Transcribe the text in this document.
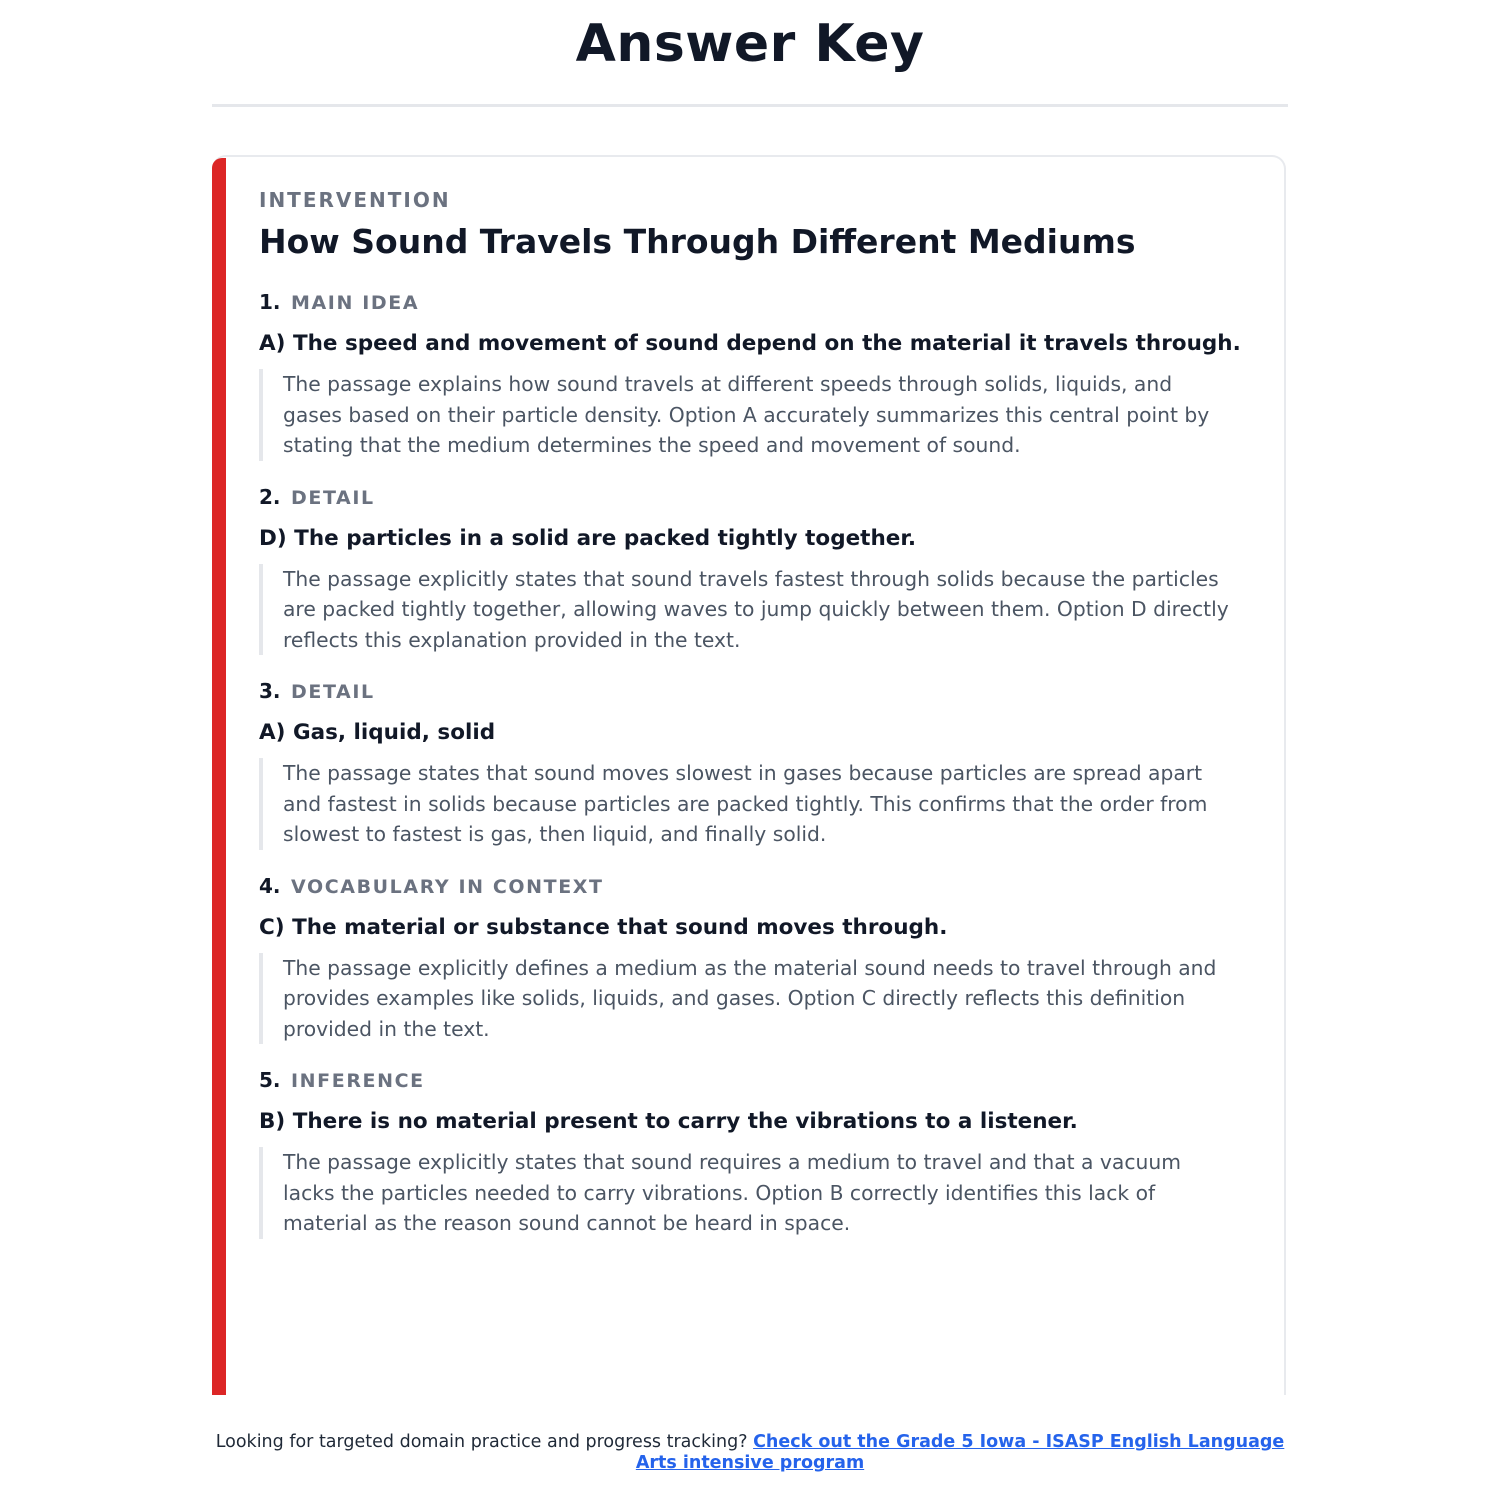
Answer Key

INTERVENTION

How Sound Travels Through Different Mediums
1. MAIN IDEA
A) The speed and movement of sound depend on the material it travels through.
The passage explains how sound travels at different speeds through solids, liquids, and gases based on their particle density. Option A accurately summarizes this central point by stating that the medium determines the speed and movement of sound.
2. DETAIL
D) The particles in a solid are packed tightly together.
The passage explicitly states that sound travels fastest through solids because the particles are packed tightly together, allowing waves to jump quickly between them. Option D directly reflects this explanation provided in the text.
3. DETAIL
A) Gas, liquid, solid
The passage states that sound moves slowest in gases because particles are spread apart and fastest in solids because particles are packed tightly. This confirms that the order from slowest to fastest is gas, then liquid, and finally solid.
4. VOCABULARY IN CONTEXT
C) The material or substance that sound moves through.
The passage explicitly defines a medium as the material sound needs to travel through and provides examples like solids, liquids, and gases. Option C directly reflects this definition provided in the text.
5. INFERENCE
B) There is no material present to carry the vibrations to a listener.
The passage explicitly states that sound requires a medium to travel and that a vacuum lacks the particles needed to carry vibrations. Option B correctly identifies this lack of material as the reason sound cannot be heard in space.
Looking for targeted domain practice and progress tracking? Check out the Grade 5 Iowa - ISASP English Language Arts intensive program
